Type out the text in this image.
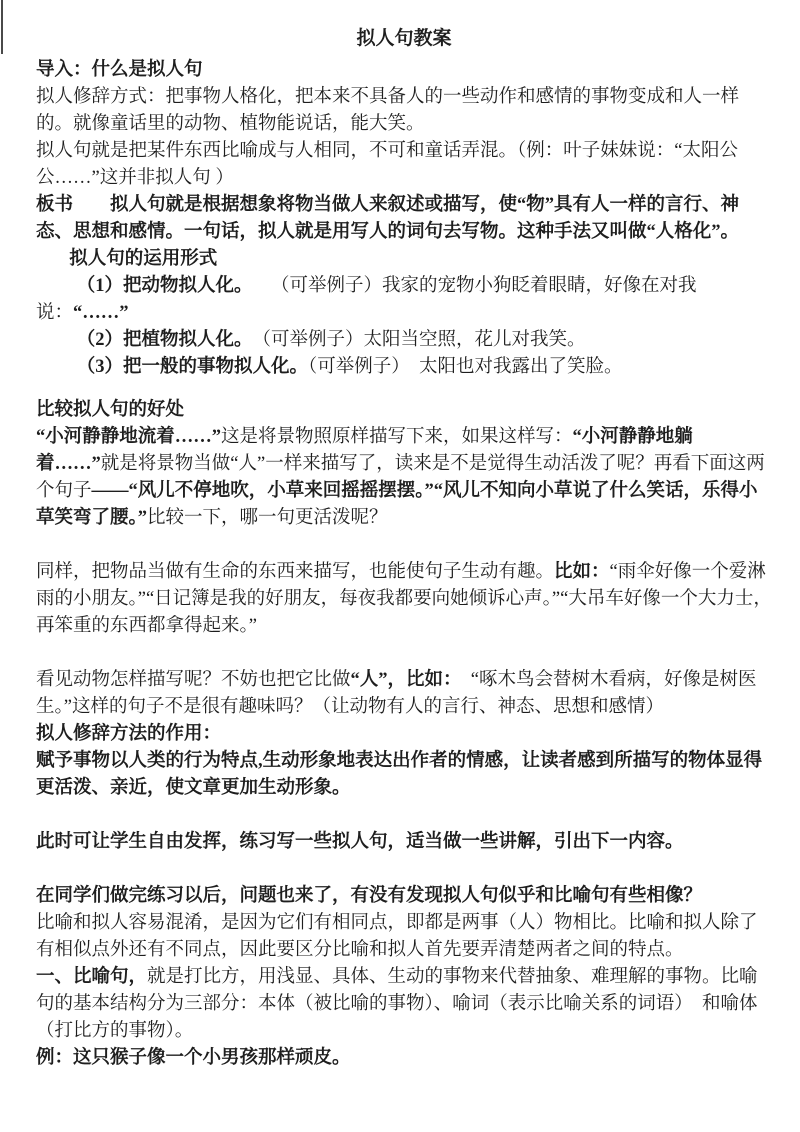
拟人句教案
导入：什么是拟人句
拟人修辞方式：把事物人格化，把本来不具备人的一些动作和感情的事物变成和人一样的。就像童话里的动物、植物能说话，能大笑。
拟人句就是把某件东西比喻成与人相同，不可和童话弄混。（例：叶子妹妹说：“太阳公公……”这并非拟人句 ）
板书　　拟人句就是根据想象将物当做人来叙述或描写，使“物”具有人一样的言行、神态、思想和感情。一句话，拟人就是用写人的词句去写物。这种手法又叫做“人格化”。
拟人句的运用形式
（1）把动物拟人化。　　（可举例子）我家的宠物小狗眨着眼睛，好像在对我说：“……”
（2）把植物拟人化。　（可举例子）太阳当空照，花儿对我笑。
（3）把一般的事物拟人化。（可举例子）　太阳也对我露出了笑脸。
比较拟人句的好处
“小河静静地流着……”这是将景物照原样描写下来，如果这样写：“小河静静地躺着……”就是将景物当做“人”一样来描写了，读来是不是觉得生动活泼了呢？再看下面这两个句子——“风儿不停地吹，小草来回摇摇摆摆。”“风儿不知向小草说了什么笑话，乐得小草笑弯了腰。”比较一下，哪一句更活泼呢？
同样，把物品当做有生命的东西来描写，也能使句子生动有趣。比如：“雨伞好像一个爱淋雨的小朋友。”“日记簿是我的好朋友，每夜我都要向她倾诉心声。”“大吊车好像一个大力士，再笨重的东西都拿得起来。”
看见动物怎样描写呢？不妨也把它比做“人”，比如：　“啄木鸟会替树木看病，好像是树医生。”这样的句子不是很有趣味吗？（让动物有人的言行、神态、思想和感情）
拟人修辞方法的作用：
赋予事物以人类的行为特点,生动形象地表达出作者的情感，让读者感到所描写的物体显得更活泼、亲近，使文章更加生动形象。
此时可让学生自由发挥，练习写一些拟人句，适当做一些讲解，引出下一内容。
在同学们做完练习以后，问题也来了，有没有发现拟人句似乎和比喻句有些相像？
比喻和拟人容易混淆，是因为它们有相同点，即都是两事（人）物相比。比喻和拟人除了有相似点外还有不同点，因此要区分比喻和拟人首先要弄清楚两者之间的特点。
一、比喻句，就是打比方，用浅显、具体、生动的事物来代替抽象、难理解的事物。比喻句的基本结构分为三部分：本体（被比喻的事物）、喻词（表示比喻关系的词语）　和喻体（打比方的事物）。
例：这只猴子像一个小男孩那样顽皮。
